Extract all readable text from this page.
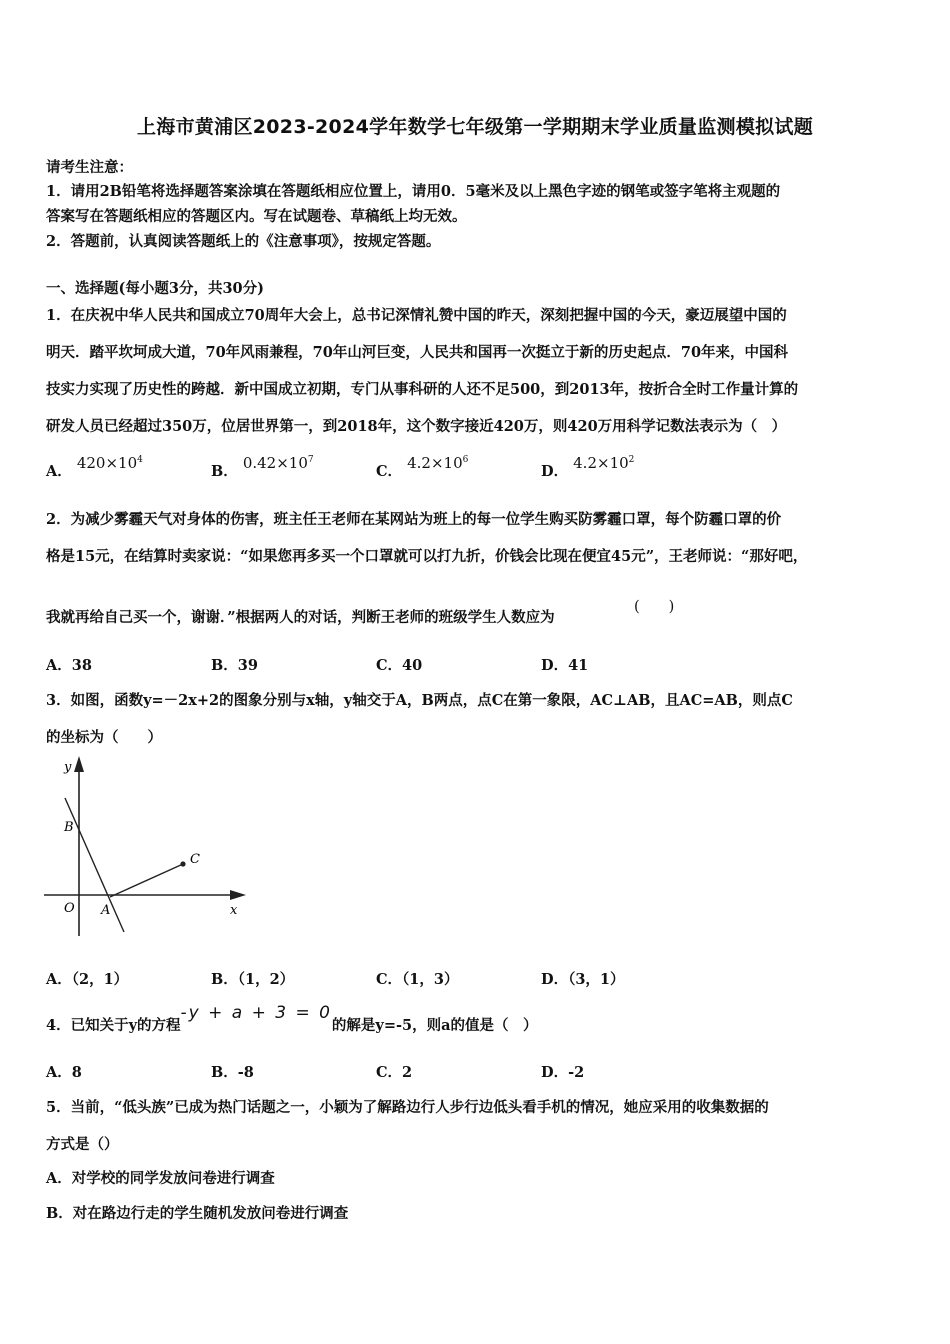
上海市黄浦区2023-2024学年数学七年级第一学期期末学业质量监测模拟试题
请考生注意：
1．请用2B铅笔将选择题答案涂填在答题纸相应位置上，请用0．5毫米及以上黑色字迹的钢笔或签字笔将主观题的
答案写在答题纸相应的答题区内。写在试题卷、草稿纸上均无效。
2．答题前，认真阅读答题纸上的《注意事项》，按规定答题。
一、选择题(每小题3分，共30分)
1．在庆祝中华人民共和国成立70周年大会上，总书记深情礼赞中国的昨天，深刻把握中国的今天，豪迈展望中国的
明天．踏平坎坷成大道，70年风雨兼程，70年山河巨变，人民共和国再一次挺立于新的历史起点．70年来，中国科
技实力实现了历史性的跨越．新中国成立初期，专门从事科研的人还不足500，到2013年，按折合全时工作量计算的
研发人员已经超过350万，位居世界第一，到2018年，这个数字接近420万，则420万用科学记数法表示为（　）
A． $420\times 10^4$
B． $0.42\times 10^7$
C． $4.2\times 10^6$
D． $4.2\times 10^2$
2．为减少雾霾天气对身体的伤害，班主任王老师在某网站为班上的每一位学生购买防雾霾口罩，每个防霾口罩的价
格是15元，在结算时卖家说：“如果您再多买一个口罩就可以打九折，价钱会比现在便宜45元”，王老师说：“那好吧，
我就再给自己买一个，谢谢．”根据两人的对话，判断王老师的班级学生人数应为
(　　)
A．38	B．39	C．40	D．41
3．如图，函数y=－2x+2的图象分别与x轴，y轴交于A，B两点，点C在第一象限，AC⊥AB，且AC=AB，则点C
的坐标为（　　）
y
B
C
O A	x
A．（2，1）	B．（1，2）	C．（1，3）	D．（3，1）
4．已知关于y的方程-y + a + 3 = 0的解是y=-5，则a的值是（　）
A．8	B．-8	C．2	D．-2
5．当前，“低头族”已成为热门话题之一，小颖为了解路边行人步行边低头看手机的情况，她应采用的收集数据的
方式是（）
A．对学校的同学发放问卷进行调查
B．对在路边行走的学生随机发放问卷进行调查
